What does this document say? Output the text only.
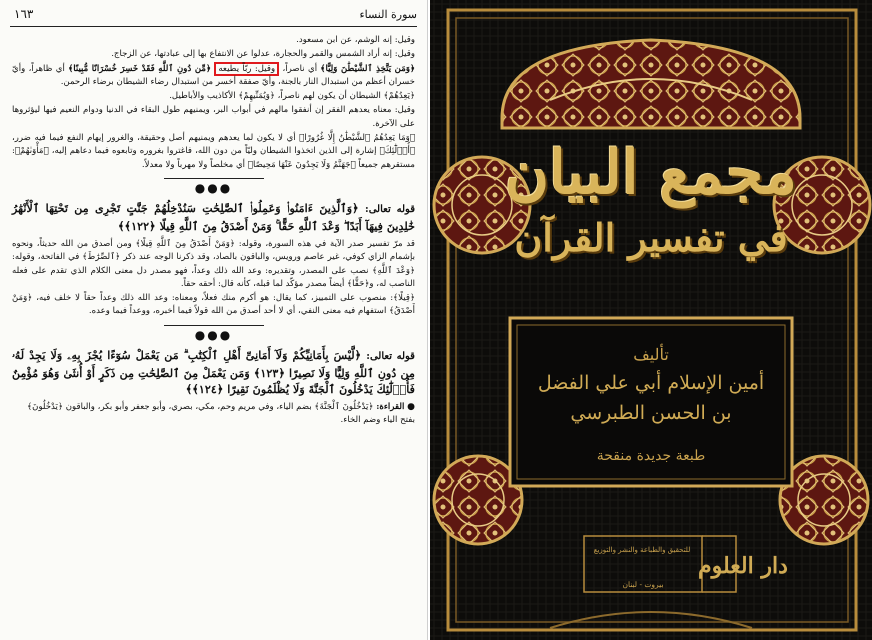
سورة النساء
١٦٣

وقيل: إنه الوشم، عن ابن مسعود.

وقيل: إنه أراد الشمس والقمر والحجارة، عدلوا عن الانتفاع بها إلى عبادتها، عن الزجاج.

﴿وَمَن يَتَّخِذِ ٱلشَّيْطَٰنَ وَلِيًّا﴾ أي ناصراً، وقيل: ربّاً يطيعه ﴿مِّن دُونِ ٱللَّهِ فَقَدْ خَسِرَ خُسْرَانًا مُّبِينًا﴾ أي ظاهراً، وأيّ خسران أعظم من استبدال النار بالجنة، وأيّ صفقة أخسر من استبدال رضاء الشيطان برضاء الرحمن.

﴿يَعِدُهُمْ﴾ الشيطان أن يكون لهم ناصراً، ﴿وَيُمَنِّيهِمْ﴾ الأكاذيب والأباطيل.

وقيل: معناه يعدهم الفقر إن أنفقوا مالهم في أبواب البر، ويمنيهم طول البقاء في الدنيا ودوام النعيم فيها ليؤثروها على الآخرة.

﴿وَمَا يَعِدُهُمُ ٱلشَّيْطَٰنُ إِلَّا غُرُورًا﴾ أي لا يكون لما يعدهم ويمنيهم أصل وحقيقة، والغرور إيهام النفع فيما فيه ضرر، ﴿أُو۟لَٰٓئِكَ﴾ إشارة إلى الذين اتخذوا الشيطان وليّاً من دون الله، فاغتروا بغروره وتابعوه فيما دعاهم إليه، ﴿مَأْوَىٰهُمْ﴾: مستقرهم جميعاً ﴿جَهَنَّمُ وَلَا يَجِدُونَ عَنْهَا مَحِيصًا﴾ أي مخلصاً ولا مهرباً ولا معدلاً.

●●●

قوله تعالى: ﴿وَٱلَّذِينَ ءَامَنُوا۟ وَعَمِلُوا۟ ٱلصَّٰلِحَٰتِ سَنُدْخِلُهُمْ جَنَّٰتٍ تَجْرِى مِن تَحْتِهَا ٱلْأَنْهَٰرُ خَٰلِدِينَ فِيهَآ أَبَدًا ۖ وَعْدَ ٱللَّهِ حَقًّا ۚ وَمَنْ أَصْدَقُ مِنَ ٱللَّهِ قِيلًا ﴿١٢٢﴾﴾

قد مرّ تفسير صدر الآية في هذه السورة، وقوله: ﴿وَمَنْ أَصْدَقُ مِنَ ٱللَّهِ قِيلًا﴾ ومن أصدق من الله حديثاً، ونحوه بإشمام الزاي كوفي، غير عاصم ورويس، والباقون بالصاد، وقد ذكرنا الوجه عند ذكر ﴿ٱلصِّرَٰطَ﴾ في الفاتحة، وقوله: ﴿وَعْدَ ٱللَّهِ﴾ نصب على المصدر، وتقديره: وعد الله ذلك وعداً، فهو مصدر دل معنى الكلام الذي تقدم على فعله الناصب له، و﴿حَقًّا﴾ أيضاً مصدر مؤكّد لما قبله، كأنه قال: أحقه حقاً.

﴿قِيلًا﴾: منصوب على التمييز، كما يقال: هو أكرم منك فعلاً، ومعناه: وعد الله ذلك وعداً حقاً لا خلف فيه، ﴿وَمَنْ أَصْدَقُ﴾ استفهام فيه معنى النفي، أي لا أحد أصدق من الله قولاً فيما أخبره، ووعداً فيما وعده.

●●●

قوله تعالى: ﴿لَّيْسَ بِأَمَانِيِّكُمْ وَلَآ أَمَانِىِّ أَهْلِ ٱلْكِتَٰبِ ۗ مَن يَعْمَلْ سُوٓءًا يُجْزَ بِهِۦ وَلَا يَجِدْ لَهُۥ مِن دُونِ ٱللَّهِ وَلِيًّا وَلَا نَصِيرًا ﴿١٢٣﴾ وَمَن يَعْمَلْ مِنَ ٱلصَّٰلِحَٰتِ مِن ذَكَرٍ أَوْ أُنثَىٰ وَهُوَ مُؤْمِنٌ فَأُو۟لَٰٓئِكَ يَدْخُلُونَ ٱلْجَنَّةَ وَلَا يُظْلَمُونَ نَقِيرًا ﴿١٢٤﴾﴾

● القراءة: ﴿يَدْخُلُونَ ٱلْجَنَّةَ﴾ بضم الياء، وفي مريم وحم، مكي، بصري، وأبو جعفر وأبو بكر، والباقون ﴿يَدْخُلُونَ﴾ بفتح الياء وضم الخاء.

مجمع البيان
في تفسير القرآن
تأليف
أمين الإسلام أبي علي الفضل بن الحسن الطبرسي
طبعة جديدة منقحة
دار العلوم
للتحقيق والطباعة والنشر والتوزيع
بيروت - لبنان
